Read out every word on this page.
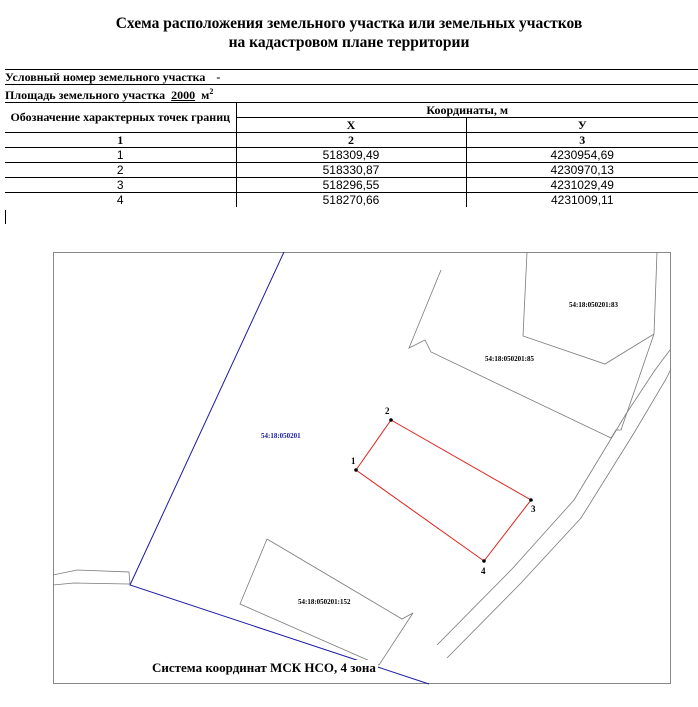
Схема расположения земельного участка или земельных участков
на кадастровом плане территории
Условный номер земельного участка -		
Площадь земельного участка 2000 $м^2$
Обозначение характерных точек границ	Координаты, м	
	X	У
1	2	3
1	518309,49	4230954,69
2	518330,87	4230970,13
3	518296,55	4231029,49
4	518270,66	4231009,11
1
2
3
4
54:18:050201
54:18:050201:83
54:18:050201:85
54:18:050201:152
Система координат МСК НСО, 4 зона
